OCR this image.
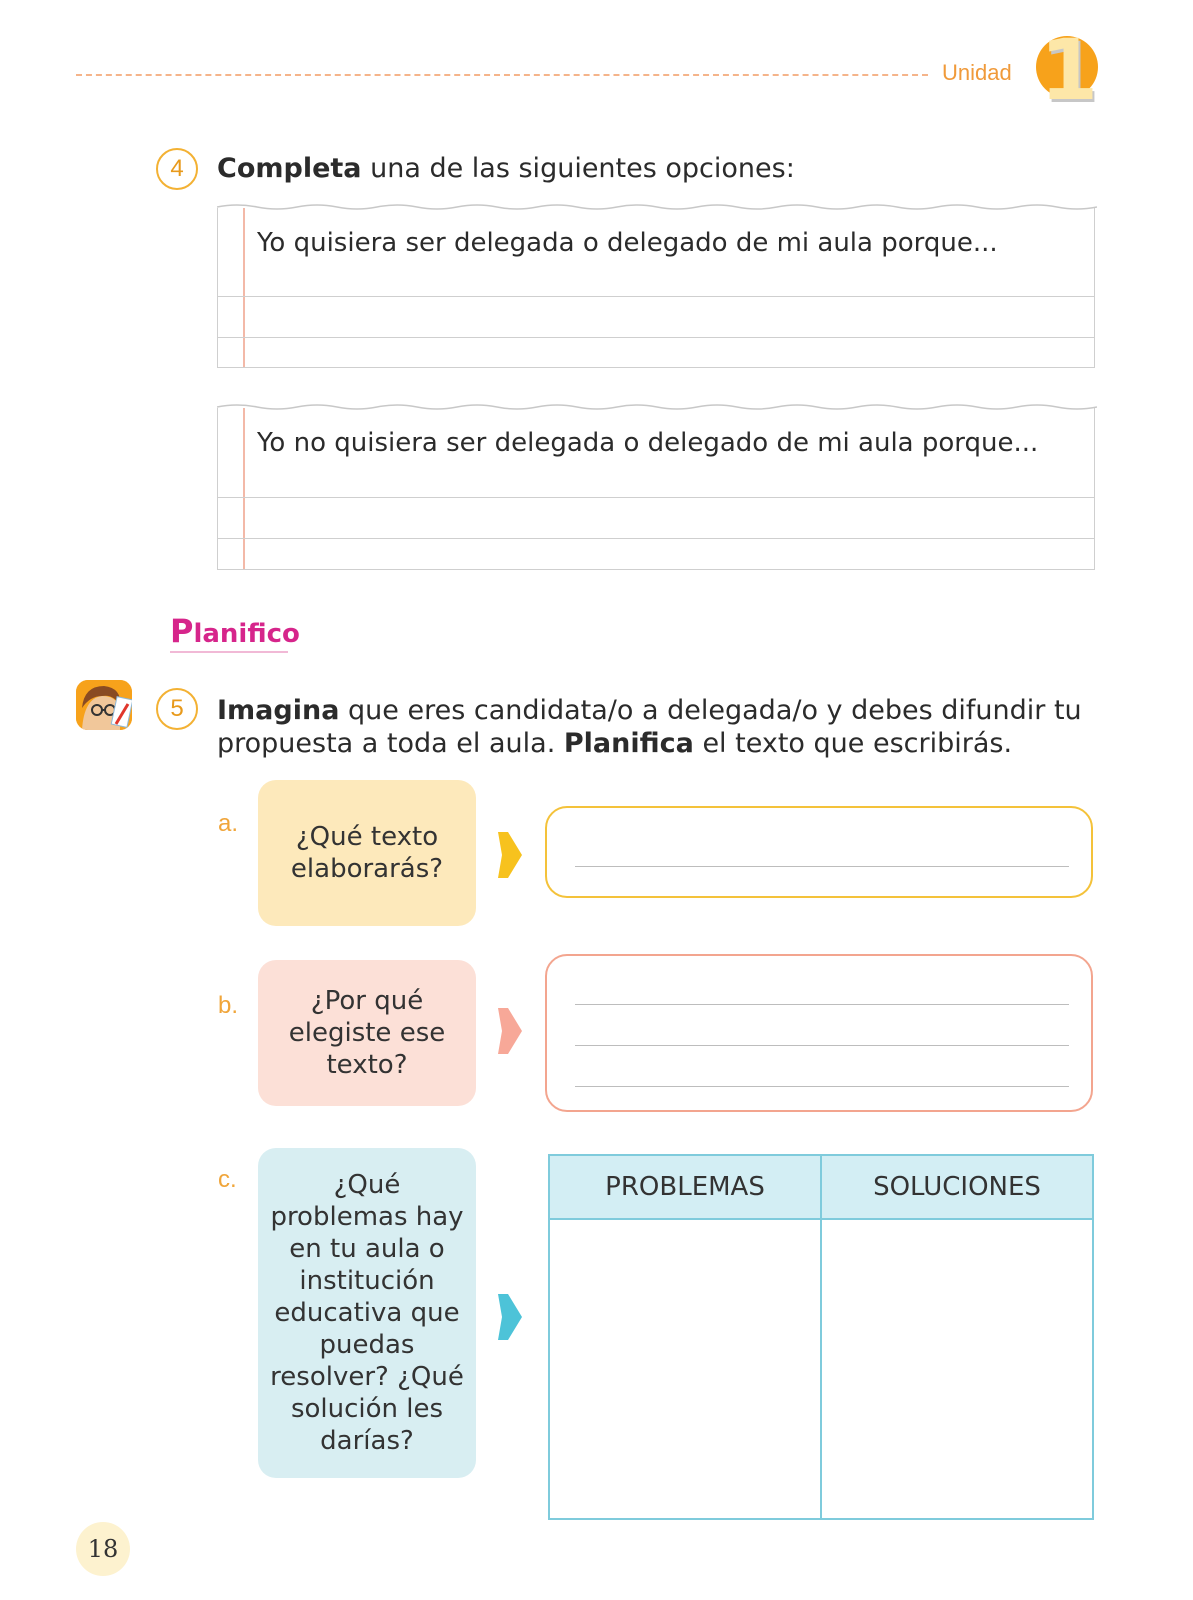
Unidad 1
4	Completa una de las siguientes opciones:
Yo quisiera ser delegada o delegado de mi aula porque...
Yo no quisiera ser delegada o delegado de mi aula porque...
Planifico
5	Imagina que eres candidata/o a delegada/o y debes difundir tu
propuesta a toda el aula. Planifica el texto que escribirás.
a.	¿Qué texto elaborarás?
b.	¿Por qué elegiste ese texto?
c.	¿Qué problemas hay en tu aula o institución educativa que puedas resolver? ¿Qué solución les darías?
PROBLEMAS	SOLUCIONES

18
